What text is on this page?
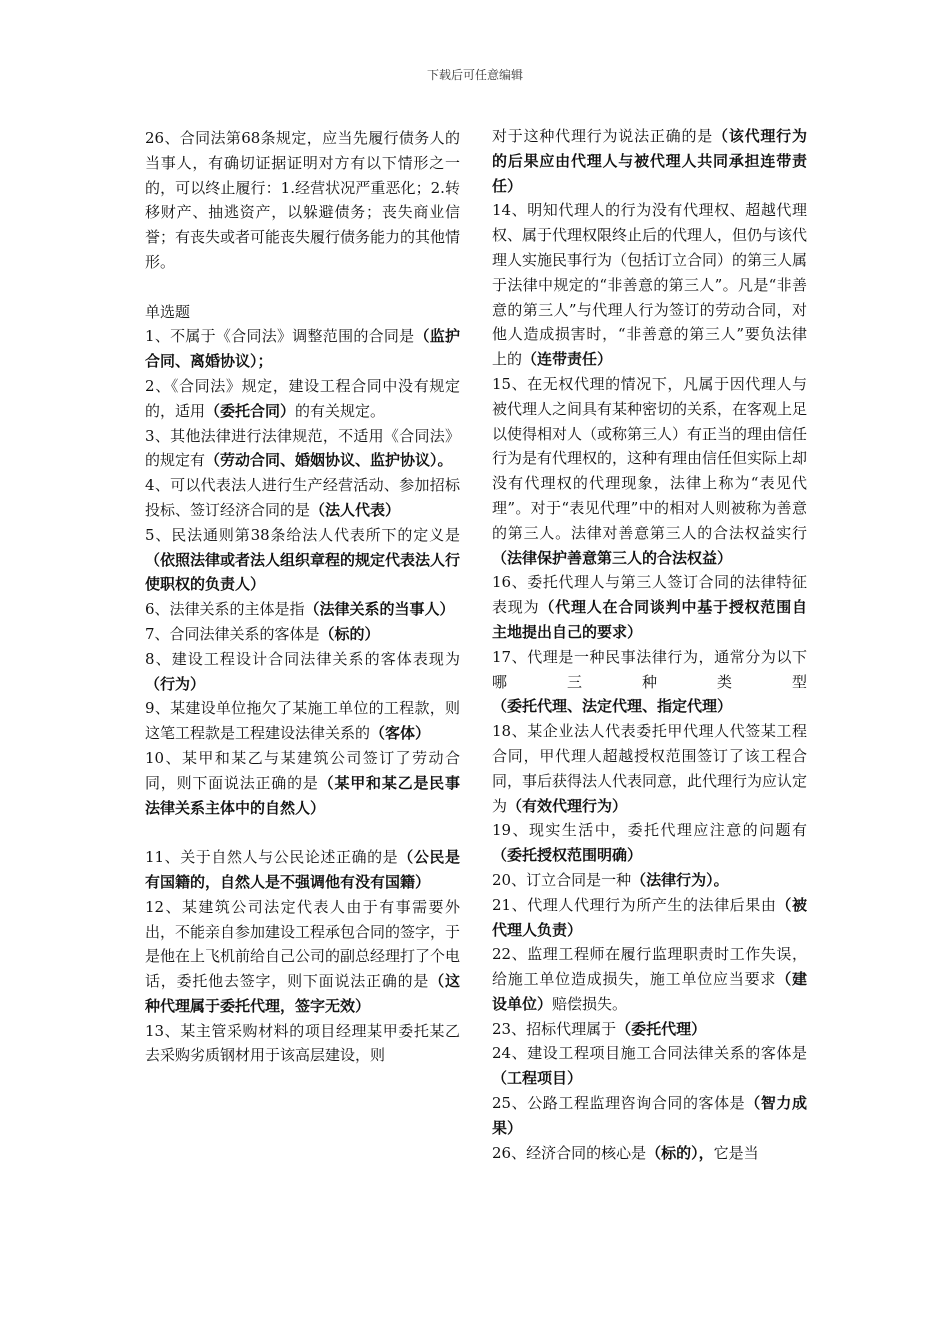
下载后可任意编辑

26、合同法第68条规定，应当先履行债务人的当事人，有确切证据证明对方有以下情形之一的，可以终止履行：1.经营状况严重恶化；2.转移财产、抽逃资产，以躲避债务；丧失商业信誉；有丧失或者可能丧失履行债务能力的其他情形。

单选题

1、不属于《合同法》调整范围的合同是（监护合同、离婚协议）；

2、《合同法》规定，建设工程合同中没有规定的，适用（委托合同）的有关规定。

3、其他法律进行法律规范，不适用《合同法》的规定有（劳动合同、婚姻协议、监护协议）。

4、可以代表法人进行生产经营活动、参加招标投标、签订经济合同的是（法人代表）

5、民法通则第38条给法人代表所下的定义是（依照法律或者法人组织章程的规定代表法人行使职权的负责人）

6、法律关系的主体是指（法律关系的当事人）

7、合同法律关系的客体是（标的）

8、建设工程设计合同法律关系的客体表现为（行为）

9、某建设单位拖欠了某施工单位的工程款，则这笔工程款是工程建设法律关系的（客体）

10、某甲和某乙与某建筑公司签订了劳动合同，则下面说法正确的是（某甲和某乙是民事法律关系主体中的自然人）

11、关于自然人与公民论述正确的是（公民是有国籍的，自然人是不强调他有没有国籍）

12、某建筑公司法定代表人由于有事需要外出，不能亲自参加建设工程承包合同的签字，于是他在上飞机前给自己公司的副总经理打了个电话，委托他去签字，则下面说法正确的是（这种代理属于委托代理，签字无效）

13、某主管采购材料的项目经理某甲委托某乙去采购劣质钢材用于该高层建设，则

对于这种代理行为说法正确的是（该代理行为的后果应由代理人与被代理人共同承担连带责任）

14、明知代理人的行为没有代理权、超越代理权、属于代理权限终止后的代理人，但仍与该代理人实施民事行为（包括订立合同）的第三人属于法律中规定的“非善意的第三人”。凡是“非善意的第三人”与代理人行为签订的劳动合同，对他人造成损害时，“非善意的第三人”要负法律上的（连带责任）

15、在无权代理的情况下，凡属于因代理人与被代理人之间具有某种密切的关系，在客观上足以使得相对人（或称第三人）有正当的理由信任行为是有代理权的，这种有理由信任但实际上却没有代理权的代理现象，法律上称为“表见代理”。对于“表见代理”中的相对人则被称为善意的第三人。法律对善意第三人的合法权益实行（法律保护善意第三人的合法权益）

16、委托代理人与第三人签订合同的法律特征表现为（代理人在合同谈判中基于授权范围自主地提出自己的要求）

17、代理是一种民事法律行为，通常分为以下哪三种类型（委托代理、法定代理、指定代理）

18、某企业法人代表委托甲代理人代签某工程合同，甲代理人超越授权范围签订了该工程合同，事后获得法人代表同意，此代理行为应认定为（有效代理行为）

19、现实生活中，委托代理应注意的问题有（委托授权范围明确）

20、订立合同是一种（法律行为）。

21、代理人代理行为所产生的法律后果由（被代理人负责）

22、监理工程师在履行监理职责时工作失误，给施工单位造成损失，施工单位应当要求（建设单位）赔偿损失。

23、招标代理属于（委托代理）

24、建设工程项目施工合同法律关系的客体是（工程项目）

25、公路工程监理咨询合同的客体是（智力成果）

26、经济合同的核心是（标的），它是当
